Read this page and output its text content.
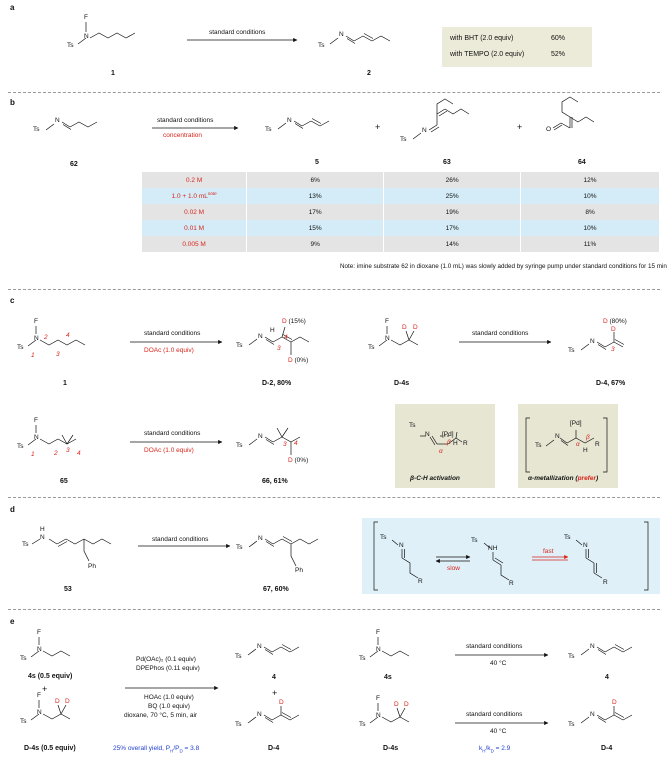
a
b
c
d
e
F
N
Ts
1
standard conditions
Ts
N
2
with BHT (2.0 equiv)	60%
with TEMPO (2.0 equiv)	52%
Ts
N
62
standard conditions
concentration
Ts
N
+
Ts
N	+	O
5	63	64
0.2 M	6%	26%	12%
1.0 + 1.0 $mL^{note}$	13%	25%	10%
0.02 M	17%	19%	8%
0.01 M	15%	17%	10%
0.005 M	9%	14%	11%
Note: imine substrate 62 in dioxane (1.0 mL) was slowly added by syringe pump under standard conditions for 15 min
F
N
Ts
1
2
3
4
1
standard conditions
DOAc (1.0 equiv)
Ts
N
H
3
4
D (15%)
D (0%)
D-2, 80%
F
N
Ts
D D
D-4s
standard conditions
D (80%)
D
Ts
N
3
D-4, 67%
F
N
Ts
1	2 3 4
65
standard conditions
DOAc (1.0 equiv)
Ts
N
3 4
D (0%)
66, 61%
Ts
N [Pd]
H R
α
β
β-C-H activation
Ts
N
[Pd]
H
R
α
β
α-metallization (prefer)
Ts
H
N
Ph
53
standard conditions
Ts
N
Ph
67, 60%
Ts
N
R
slow
Ts
NH
R
fast
Ts
N
R
F
N
Ts
4s (0.5 equiv)
+
F
N
Ts
D D
D-4s (0.5 equiv)
Pd(OAc)₂ (0.1 equiv)
DPEPhos (0.11 equiv)
HOAc (1.0 equiv)
BQ (1.0 equiv)
dioxane, 70 °C, 5 min, air
25% overall yield, $P_H/P_D = 3.8$
Ts
N
4
+
D
Ts
N
D-4
F
N
Ts
4s
standard conditions
40 °C
Ts
N
4
F
N
Ts
D D
D-4s
standard conditions
40 °C
$k_H/k_D = 2.9$
D
Ts
N
D-4
